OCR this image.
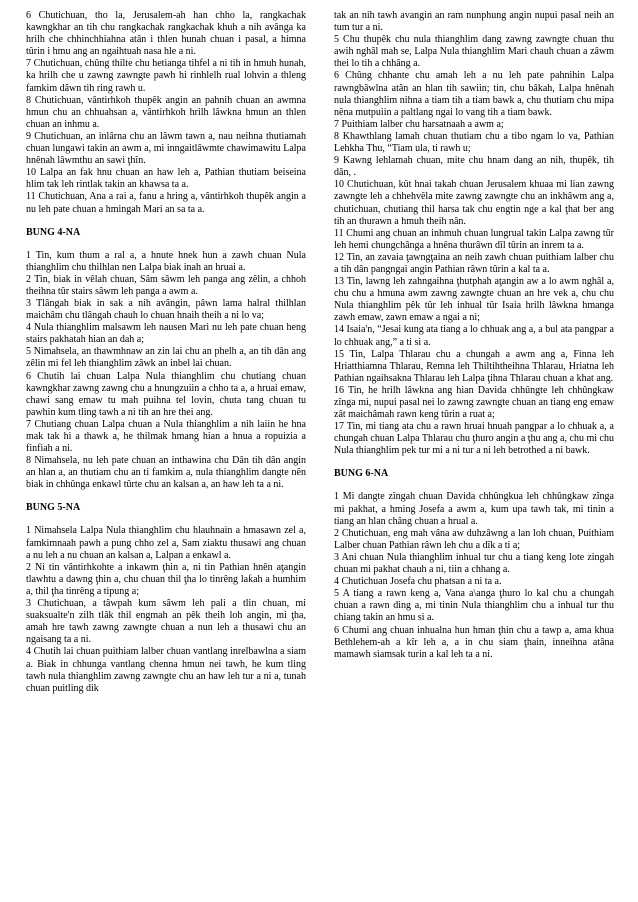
6 Chutichuan, tho la, Jerusalem-ah han chho la, rangkachak kawngkhar an tih chu rangkachak rangkachak khuh a nih avânga ka hrilh che chhinchhiahna atân i thlen hunah chuan i pasal, a himna tûrin i hmu ang an ngaihtuah nasa hle a ni.

7 Chutichuan, chûng thilte chu hetianga tihfel a ni tih in hmuh hunah, ka hrilh che u zawng zawngte pawh hi rinhlelh rual lohvin a thleng famkim dâwn tih ring rawh u.

8 Chutichuan, vântirhkoh thupêk angin an pahnih chuan an awmna hmun chu an chhuahsan a, vântirhkoh hrilh lâwkna hmun an thlen chuan an inhmu a.

9 Chutichuan, an inlârna chu an lâwm tawn a, nau neihna thutiamah chuan lungawi takin an awm a, mi inngaitlâwmte chawimawitu Lalpa hnênah lâwmthu an sawi ţhîn.

10 Lalpa an fak hnu chuan an haw leh a, Pathian thutiam beiseina hlim tak leh rintlak takin an khawsa ta a.

11 Chutichuan, Ana a rai a, fanu a hring a, vântirhkoh thupêk angin a nu leh pate chuan a hmingah Mari an sa ta a.

BUNG 4-NA

1 Tin, kum thum a ral a, a hnute hnek hun a zawh chuan Nula thianghlim chu thilhlan nen Lalpa biak inah an hruai a.

2 Tin, biak in vêlah chuan, Sâm sâwm leh panga ang zêlin, a chhoh theihna tûr stairs sâwm leh panga a awm a.

3 Tlângah biak in sak a nih avângin, pâwn lama halral thilhlan maichâm chu tlângah chauh lo chuan hnaih theih a ni lo va;

4 Nula thianghlim malsawm leh nausen Mari nu leh pate chuan heng stairs pakhatah hian an dah a;

5 Nimahsela, an thawmhnaw an zin lai chu an phelh a, an tih dân ang zêlin mi fel leh thianghlim zâwk an inbel lai chuan.

6 Chutih lai chuan Lalpa Nula thianghlim chu chutiang chuan kawngkhar zawng zawng chu a hnungzuiin a chho ta a, a hruai emaw, chawi sang emaw tu mah puihna tel lovin, chuta tang chuan tu pawhin kum tling tawh a ni tih an hre thei ang.

7 Chutiang chuan Lalpa chuan a Nula thianghlim a nih laiin he hna mak tak hi a thawk a, he thilmak hmang hian a hnua a ropuizia a finfiah a ni.

8 Nimahsela, nu leh pate chuan an inthawina chu Dân tih dân angin an hlan a, an thutiam chu an ti famkim a, nula thianghlim dangte nên biak in chhûnga enkawl tûrte chu an kalsan a, an haw leh ta a ni.

BUNG 5-NA

1 Nimahsela Lalpa Nula thianghlim chu hlauhnain a hmasawn zel a, famkimnaah pawh a pung chho zel a, Sam ziaktu thusawi ang chuan a nu leh a nu chuan an kalsan a, Lalpan a enkawl a.

2 Ni tin vântirhkohte a inkawm ţhin a, ni tin Pathian hnên aţangin tlawhtu a dawng ţhin a, chu chuan thil ţha lo tinrêng laƙah a humhim a, thil ţha tinrêng a tipung a;

3 Chutichuan, a tâwpah kum sâwm leh pali a tlin chuan, mi suaksualte'n zilh tlâk thil engmah an pêk theih loh angin, mi ţha, amah hre tawh zawng zawngte chuan a nun leh a thusawi chu an ngaisang ta a ni.

4 Chutih lai chuan puithiam lalber chuan vantlang inrelbawlna a siam a. Biak in chhunga vantlang chenna hmun nei tawh, he kum tling tawh nula thianghlim zawng zawngte chu an haw leh tur a ni a, tunah chuan puitling dik

tak an nih tawh avangin an ram nunphung angin nupui pasal neih an tum tur a ni.

5 Chu thupêk chu nula thianghlim dang zawng zawngte chuan thu awih nghâl mah se, Lalpa Nula thianghlim Mari chauh chuan a zâwm thei lo tih a chhâng a.

6 Chûng chhante chu amah leh a nu leh pate pahnihin Lalpa rawngbâwlna atân an hlan tih sawiin; tin, chu bâkah, Lalpa hnênah nula thianghlim nihna a tiam tih a tiam bawk a, chu thutiam chu mipa nêna mutpuiin a paltlang ngai lo vang tih a tiam bawk.

7 Puithiam lalber chu harsatnaah a awm a;

8 Khawthlang lamah chuan thutiam chu a tibo ngam lo va, Pathian Lehkha Thu, “Tiam ula, ti rawh u;

9 Kawng lehlamah chuan, mite chu hnam dang an nih, thupêk, tih dân, .

10 Chutichuan, kût hnai takah chuan Jerusalem khuaa mi lian zawng zawngte leh a chhehvêla mite zawng zawngte chu an inkhâwm ang a, chutichuan, chutiang thil harsa tak chu engtin nge a kal ţhat ber ang tih an thurawn a hmuh theih nân.

11 Chumi ang chuan an inhmuh chuan lungrual takin Lalpa zawng tûr leh hemi chungchânga a hnêna thurâwn dîl tûrin an inrem ta a.

12 Tin, an zavaia ţawngţaina an neih zawh chuan puithiam lalber chu a tih dân pangngai angin Pathian râwn tûrin a kal ta a.

13 Tin, lawng leh zahngaihna ţhutphah aţangin aw a lo awm nghâl a, chu chu a hmuna awm zawng zawngte chuan an hre vek a, chu chu Nula thianghlim pêk tûr leh inhual tûr Isaia hrilh lâwkna hmanga zawh emaw, zawn emaw a ngai a ni;

14 Isaia'n, “Jesai kung ata tiang a lo chhuak ang a, a bul ata pangpar a lo chhuak ang,” a ti si a.

15 Tin, Lalpa Thlarau chu a chungah a awm ang a, Finna leh Hriatthiamna Thlarau, Remna leh Thiltihtheihna Thlarau, Hriatna leh Pathian ngaihsakna Thlarau leh Lalpa ţihna Thlarau chuan a khat ang.

16 Tin, he hrilh lâwkna ang hian Davida chhûngte leh chhûngkaw zînga mi, nupui pasal nei lo zawng zawngte chuan an tiang eng emaw zât maichâmah rawn keng tûrin a ruat a;

17 Tin, mi tiang ata chu a rawn hruai hnuah pangpar a lo chhuak a, a chungah chuan Lalpa Thlarau chu ţhuro angin a ţhu ang a, chu mi chu Nula thianghlim pek tur mi a ni tur a ni leh betrothed a ni bawk.

BUNG 6-NA

1 Mi dangte zîngah chuan Davida chhûngkua leh chhûngkaw zînga mi pakhat, a hming Josefa a awm a, kum upa tawh tak, mi tinin a tiang an hlan châng chuan a hrual a.

2 Chutichuan, eng mah vâna aw duhzâwng a lan loh chuan, Puithiam Lalber chuan Pathian râwn leh chu a dîk a ti a;

3 Ani chuan Nula thianghlim inhual tur chu a tiang keng lote zingah chuan mi pakhat chauh a ni, tiin a chhang a.

4 Chutichuan Josefa chu phatsan a ni ta a.

5 A tiang a rawn keng a, Vana a\anga ţhuro lo kal chu a chungah chuan a rawn ding a, mi tinin Nula thianghlim chu a inhual tur thu chiang takin an hmu si a.

6 Chumi ang chuan inhualna hun hman ţhin chu a tawp a, ama khua Bethlehem-ah a kîr leh a, a in chu siam ţhain, inneihna atâna mamawh siamsak turin a kal leh ta a ni.
